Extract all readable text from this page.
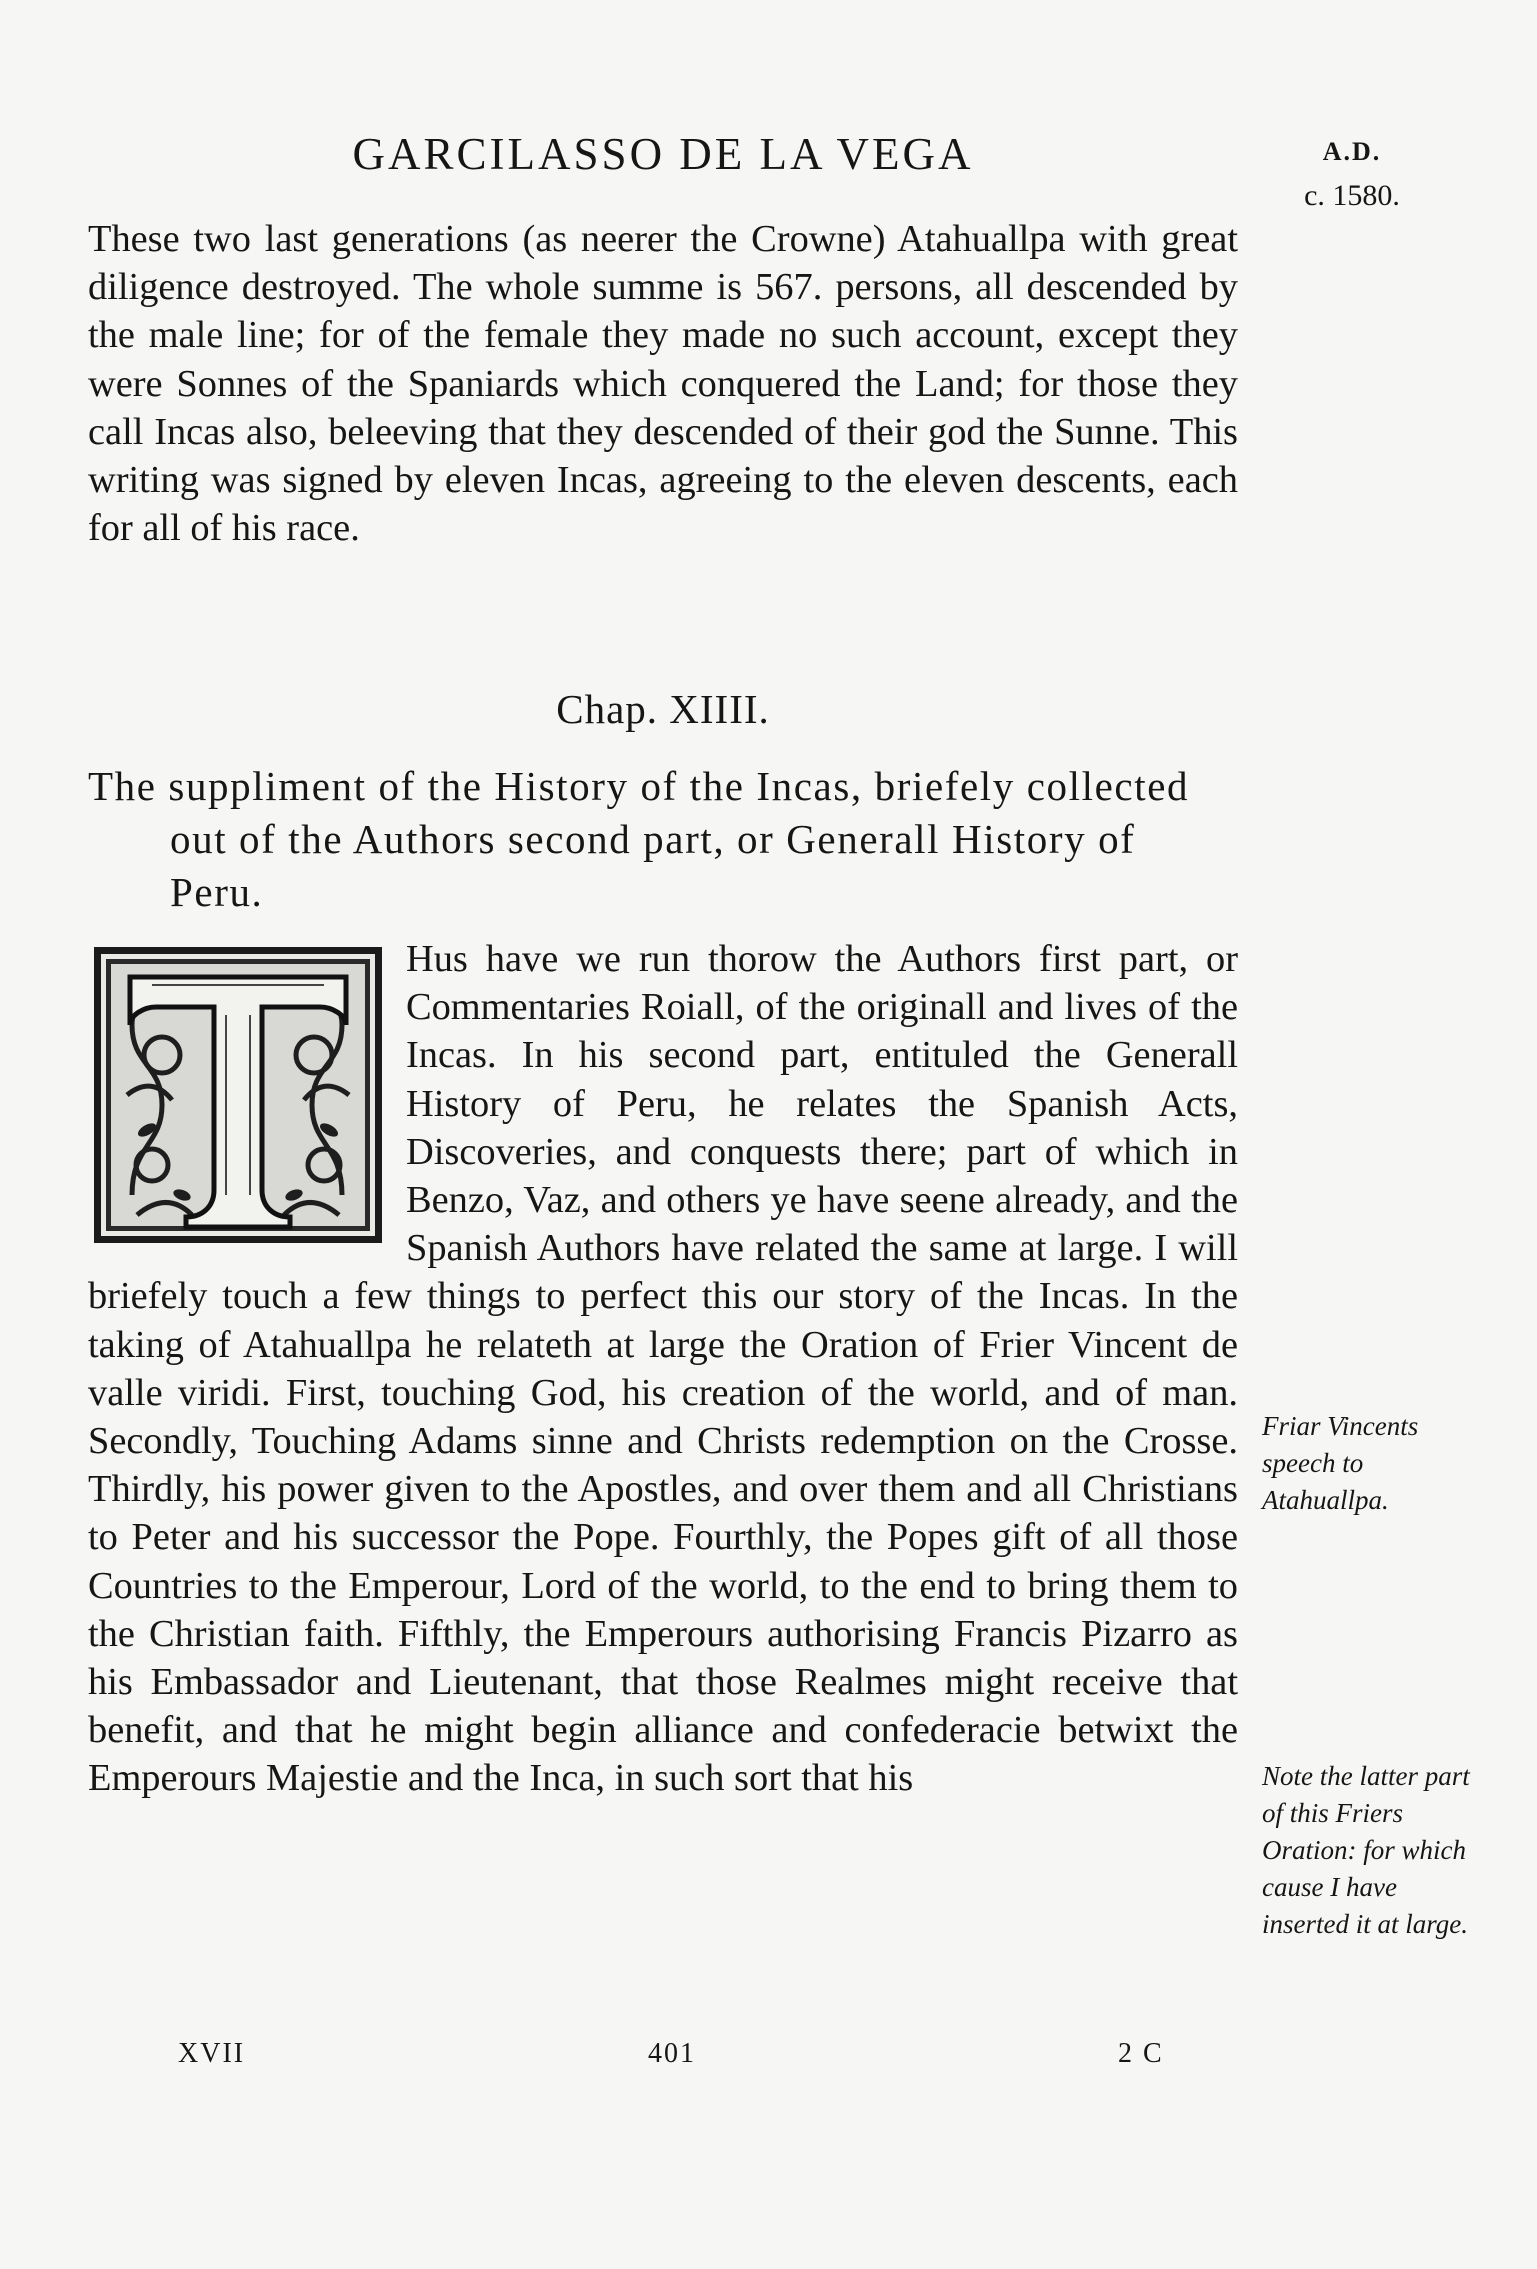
GARCILASSO DE LA VEGA	A.D.
c. 1580.
These two last generations (as neerer the Crowne) Atahuallpa with great diligence destroyed. The whole summe is 567. persons, all descended by the male line; for of the female they made no such account, except they were Sonnes of the Spaniards which conquered the Land; for those they call Incas also, beleeving that they descended of their god the Sunne. This writing was signed by eleven Incas, agreeing to the eleven descents, each for all of his race.
Chap. XIIII.
The suppliment of the History of the Incas, briefely collected out of the Authors second part, or Generall History of Peru.
Hus have we run thorow the Authors first part, or Commentaries Roiall, of the originall and lives of the Incas. In his second part, entituled the Generall History of Peru, he relates the Spanish Acts, Discoveries, and conquests there; part of which in Benzo, Vaz, and others ye have seene already, and the Spanish Authors have related the same at large. I will briefely touch a few things to perfect this our story of the Incas. In the taking of Atahuallpa he relateth at large the Oration of Frier Vincent de valle viridi. First, touching God, his creation of the world, and of man. Secondly, Touching Adams sinne and Christs redemption on the Crosse. Thirdly, his power given to the Apostles, and over them and all Christians to Peter and his successor the Pope. Fourthly, the Popes gift of all those Countries to the Emperour, Lord of the world, to the end to bring them to the Christian faith. Fifthly, the Emperours authorising Francis Pizarro as his Embassador and Lieutenant, that those Realmes might receive that benefit, and that he might begin alliance and confederacie betwixt the Emperours Majestie and the Inca, in such sort that his
Friar Vincents speech to Atahuallpa.
Note the latter part of this Friers Oration: for which cause I have inserted it at large.
XVII	401	2 C
